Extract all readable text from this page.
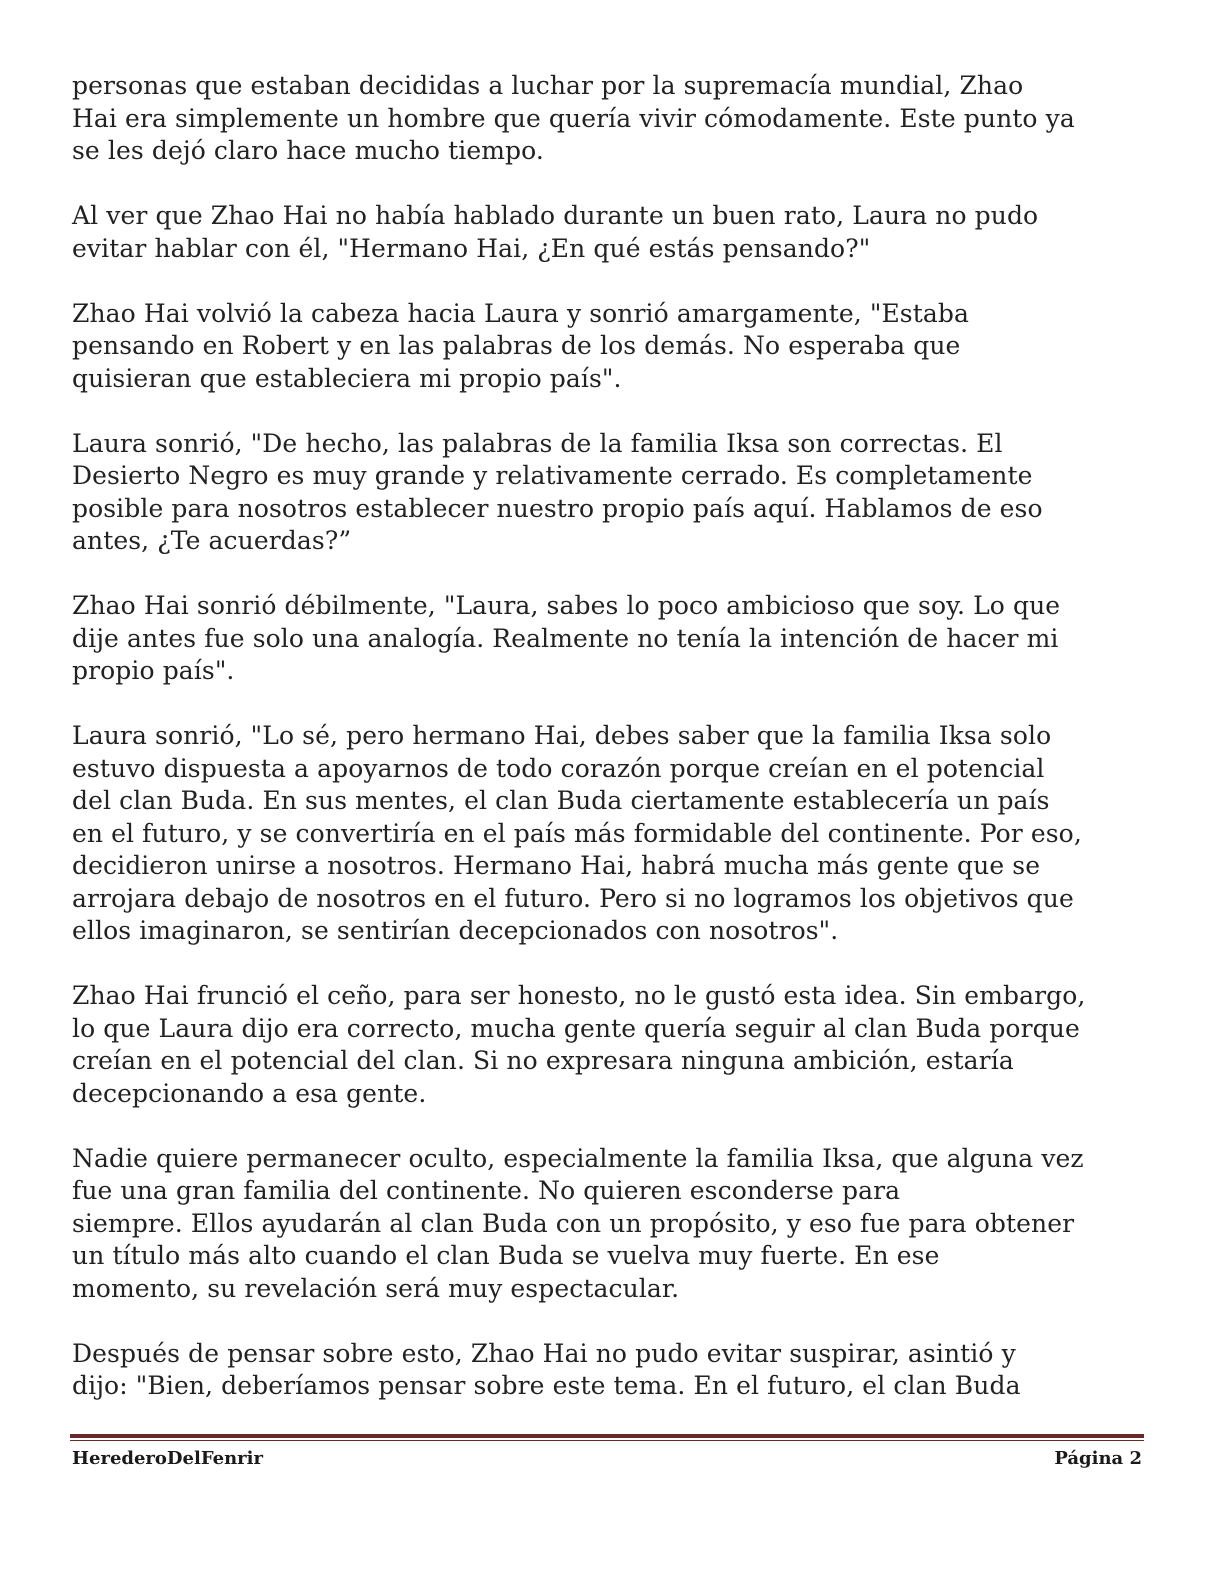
personas que estaban decididas a luchar por la supremacía mundial, Zhao
Hai era simplemente un hombre que quería vivir cómodamente. Este punto ya
se les dejó claro hace mucho tiempo.

Al ver que Zhao Hai no había hablado durante un buen rato, Laura no pudo
evitar hablar con él, "Hermano Hai, ¿En qué estás pensando?"

Zhao Hai volvió la cabeza hacia Laura y sonrió amargamente, "Estaba
pensando en Robert y en las palabras de los demás. No esperaba que
quisieran que estableciera mi propio país".

Laura sonrió, "De hecho, las palabras de la familia Iksa son correctas. El
Desierto Negro es muy grande y relativamente cerrado. Es completamente
posible para nosotros establecer nuestro propio país aquí. Hablamos de eso
antes, ¿Te acuerdas?”

Zhao Hai sonrió débilmente, "Laura, sabes lo poco ambicioso que soy. Lo que
dije antes fue solo una analogía. Realmente no tenía la intención de hacer mi
propio país".

Laura sonrió, "Lo sé, pero hermano Hai, debes saber que la familia Iksa solo
estuvo dispuesta a apoyarnos de todo corazón porque creían en el potencial
del clan Buda. En sus mentes, el clan Buda ciertamente establecería un país
en el futuro, y se convertiría en el país más formidable del continente. Por eso,
decidieron unirse a nosotros. Hermano Hai, habrá mucha más gente que se
arrojara debajo de nosotros en el futuro. Pero si no logramos los objetivos que
ellos imaginaron, se sentirían decepcionados con nosotros".

Zhao Hai frunció el ceño, para ser honesto, no le gustó esta idea. Sin embargo,
lo que Laura dijo era correcto, mucha gente quería seguir al clan Buda porque
creían en el potencial del clan. Si no expresara ninguna ambición, estaría
decepcionando a esa gente.

Nadie quiere permanecer oculto, especialmente la familia Iksa, que alguna vez
fue una gran familia del continente. No quieren esconderse para
siempre. Ellos ayudarán al clan Buda con un propósito, y eso fue para obtener
un título más alto cuando el clan Buda se vuelva muy fuerte. En ese
momento, su revelación será muy espectacular.

Después de pensar sobre esto, Zhao Hai no pudo evitar suspirar, asintió y
dijo: "Bien, deberíamos pensar sobre este tema. En el futuro, el clan Buda

HerederoDelFenrir	Página 2
